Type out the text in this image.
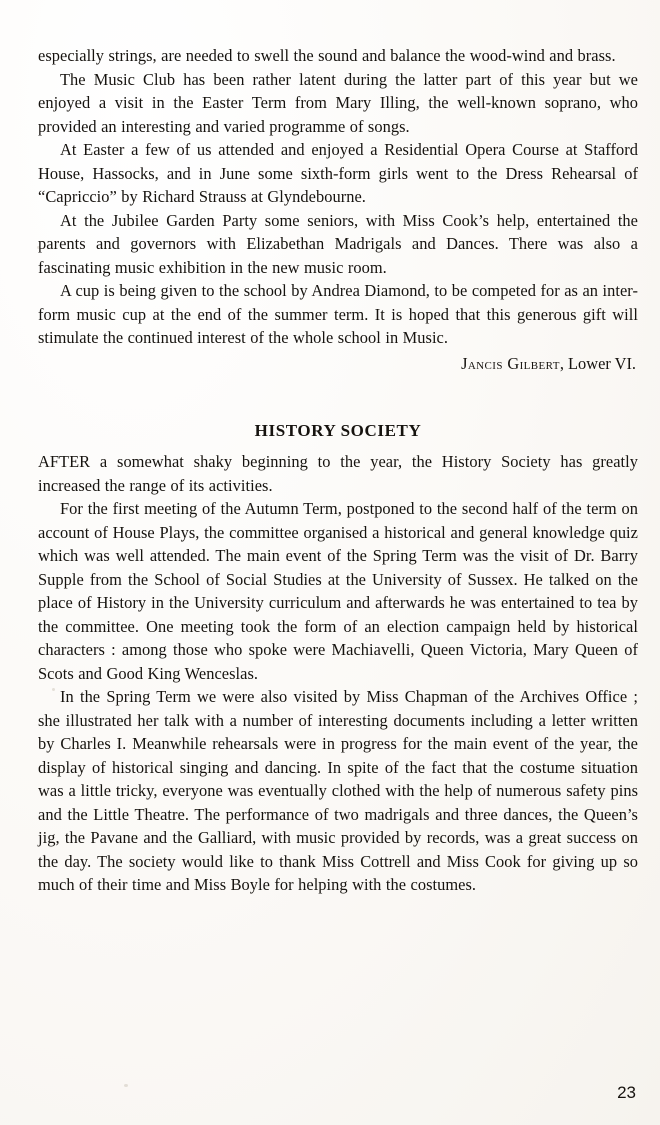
especially strings, are needed to swell the sound and balance the wood-wind and brass.

The Music Club has been rather latent during the latter part of this year but we enjoyed a visit in the Easter Term from Mary Illing, the well-known soprano, who provided an interesting and varied programme of songs.

At Easter a few of us attended and enjoyed a Residential Opera Course at Stafford House, Hassocks, and in June some sixth-form girls went to the Dress Rehearsal of “Capriccio” by Richard Strauss at Glyndebourne.

At the Jubilee Garden Party some seniors, with Miss Cook’s help, entertained the parents and governors with Elizabethan Madrigals and Dances. There was also a fascinating music exhibition in the new music room.

A cup is being given to the school by Andrea Diamond, to be competed for as an inter-form music cup at the end of the summer term. It is hoped that this generous gift will stimulate the continued interest of the whole school in Music.

Jancis Gilbert, Lower VI.

HISTORY SOCIETY

AFTER a somewhat shaky beginning to the year, the History Society has greatly increased the range of its activities.

For the first meeting of the Autumn Term, postponed to the second half of the term on account of House Plays, the committee organised a historical and general knowledge quiz which was well attended. The main event of the Spring Term was the visit of Dr. Barry Supple from the School of Social Studies at the University of Sussex. He talked on the place of History in the University curriculum and afterwards he was entertained to tea by the committee. One meeting took the form of an election campaign held by historical characters : among those who spoke were Machiavelli, Queen Victoria, Mary Queen of Scots and Good King Wenceslas.

In the Spring Term we were also visited by Miss Chapman of the Archives Office ; she illustrated her talk with a number of interesting documents including a letter written by Charles I. Meanwhile rehearsals were in progress for the main event of the year, the display of historical singing and dancing. In spite of the fact that the costume situation was a little tricky, everyone was eventually clothed with the help of numerous safety pins and the Little Theatre. The performance of two madrigals and three dances, the Queen’s jig, the Pavane and the Galliard, with music provided by records, was a great success on the day. The society would like to thank Miss Cottrell and Miss Cook for giving up so much of their time and Miss Boyle for helping with the costumes.

23
